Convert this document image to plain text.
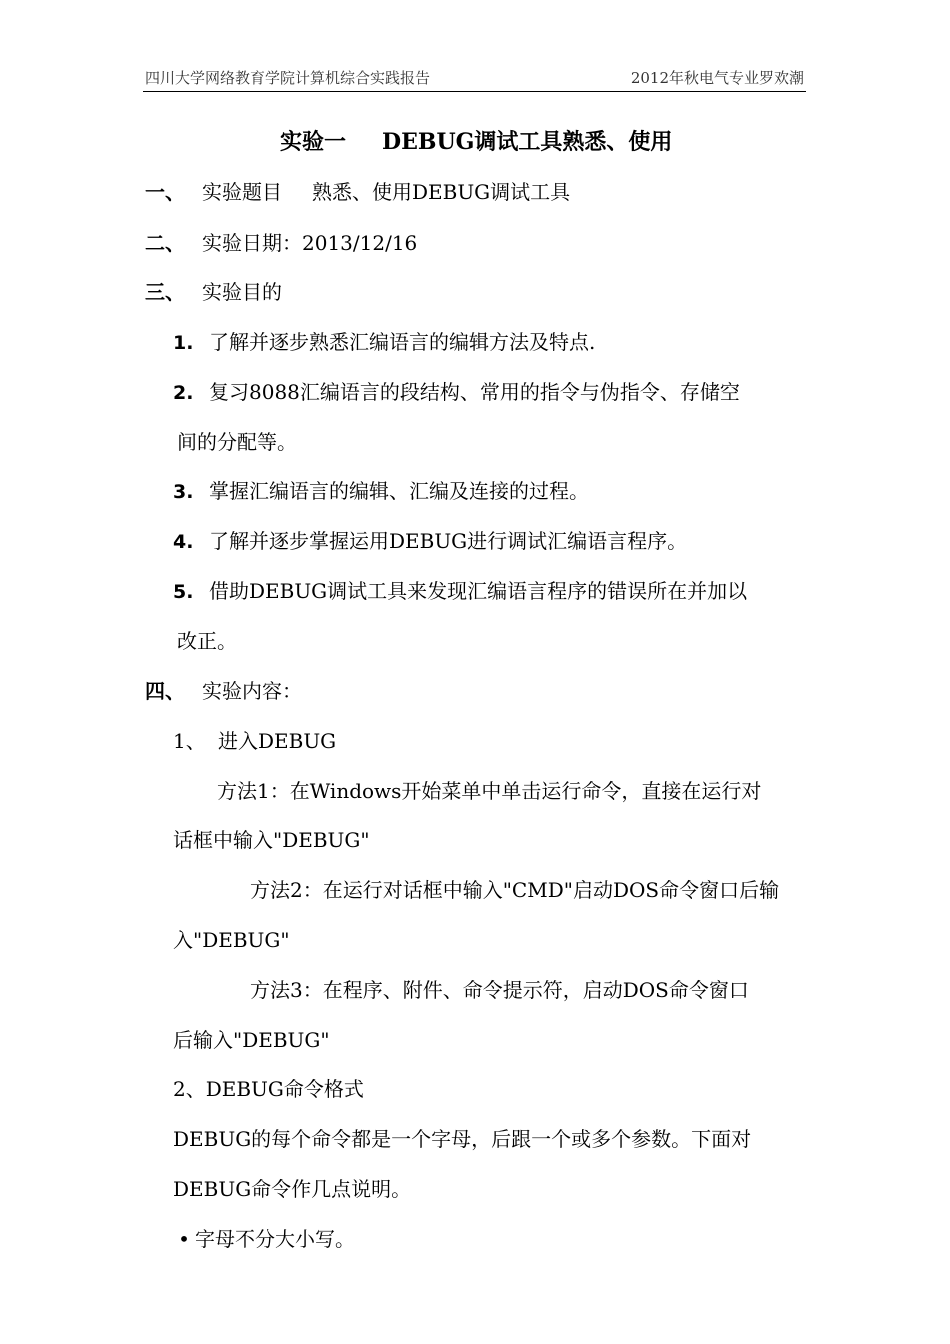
四川大学网络教育学院计算机综合实践报告	2012年秋电气专业罗欢潮
实验一 DEBUG调试工具熟悉、使用
一、 实验题目 熟悉、使用DEBUG调试工具
二、 实验日期：2013/12/16
三、 实验目的
1. 了解并逐步熟悉汇编语言的编辑方法及特点.
2. 复习8088汇编语言的段结构、常用的指令与伪指令、存储空
间的分配等。
3. 掌握汇编语言的编辑、汇编及连接的过程。
4. 了解并逐步掌握运用DEBUG进行调试汇编语言程序。
5. 借助DEBUG调试工具来发现汇编语言程序的错误所在并加以
改正。
四、 实验内容：
1、 进入DEBUG
方法1：在Windows开始菜单中单击运行命令，直接在运行对
话框中输入"DEBUG"
方法2：在运行对话框中输入"CMD"启动DOS命令窗口后输
入"DEBUG"
方法3：在程序、附件、命令提示符，启动DOS命令窗口
后输入"DEBUG"
2、DEBUG命令格式
DEBUG的每个命令都是一个字母，后跟一个或多个参数。下面对
DEBUG命令作几点说明。
• 字母不分大小写。
